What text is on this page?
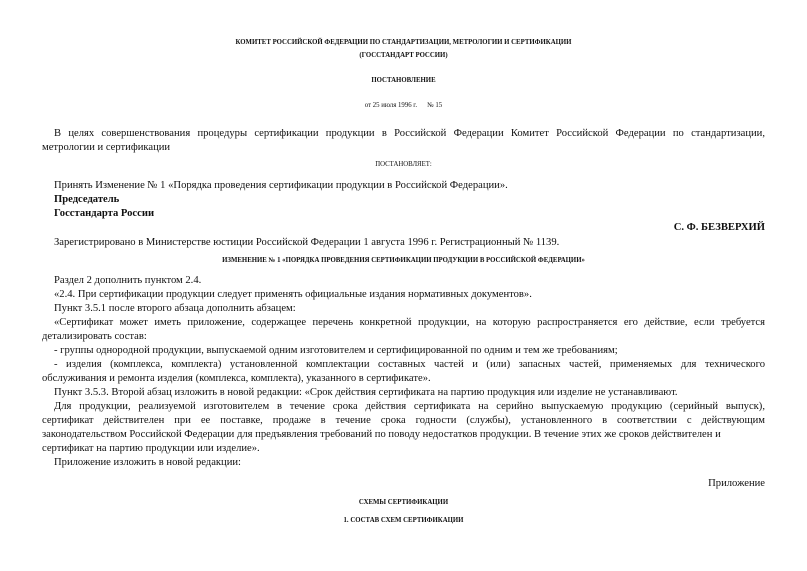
КОМИТЕТ РОССИЙСКОЙ ФЕДЕРАЦИИ ПО СТАНДАРТИЗАЦИИ, МЕТРОЛОГИИ И СЕРТИФИКАЦИИ

(ГОССТАНДАРТ РОССИИ)

ПОСТАНОВЛЕНИЕ

от 25 июля 1996 г.      № 15

В целях совершенствования процедуры сертификации продукции в Российской Федерации Комитет Российской Федерации по стандартизации,

метрологии и сертификации

ПОСТАНОВЛЯЕТ:

Принять Изменение № 1 «Порядка проведения сертификации продукции в Российской Федерации».

Председатель

Госстандарта России

С. Ф. БЕЗВЕРХИЙ

Зарегистрировано в Министерстве юстиции Российской Федерации 1 августа 1996 г. Регистрационный № 1139.

ИЗМЕНЕНИЕ № 1 «ПОРЯДКА ПРОВЕДЕНИЯ СЕРТИФИКАЦИИ ПРОДУКЦИИ В РОССИЙСКОЙ ФЕДЕРАЦИИ»

Раздел 2 дополнить пунктом 2.4.

«2.4. При сертификации продукции следует применять официальные издания нормативных документов».

Пункт 3.5.1 после второго абзаца дополнить абзацем:

«Сертификат может иметь приложение, содержащее перечень конкретной продукции, на которую распространяется его действие, если требуется

детализировать состав:

- группы однородной продукции, выпускаемой одним изготовителем и сертифицированной по одним и тем же требованиям;

- изделия (комплекса, комплекта) установленной комплектации составных частей и (или) запасных частей, применяемых для технического

обслуживания и ремонта изделия (комплекса, комплекта), указанного в сертификате».

Пункт 3.5.3. Второй абзац изложить в новой редакции: «Срок действия сертификата на партию продукция или изделие не устанавливают.

Для продукции, реализуемой изготовителем в течение срока действия сертификата на серийно выпускаемую продукцию (серийный выпуск),

сертификат действителен при ее поставке, продаже в течение срока годности (службы), установленного в соответствии с действующим

законодательством Российской Федерации для предъявления требований по поводу недостатков продукции. В течение этих же сроков действителен и

сертификат на партию продукции или изделие».

Приложение изложить в новой редакции:

Приложение

СХЕМЫ СЕРТИФИКАЦИИ

1. СОСТАВ СХЕМ СЕРТИФИКАЦИИ
